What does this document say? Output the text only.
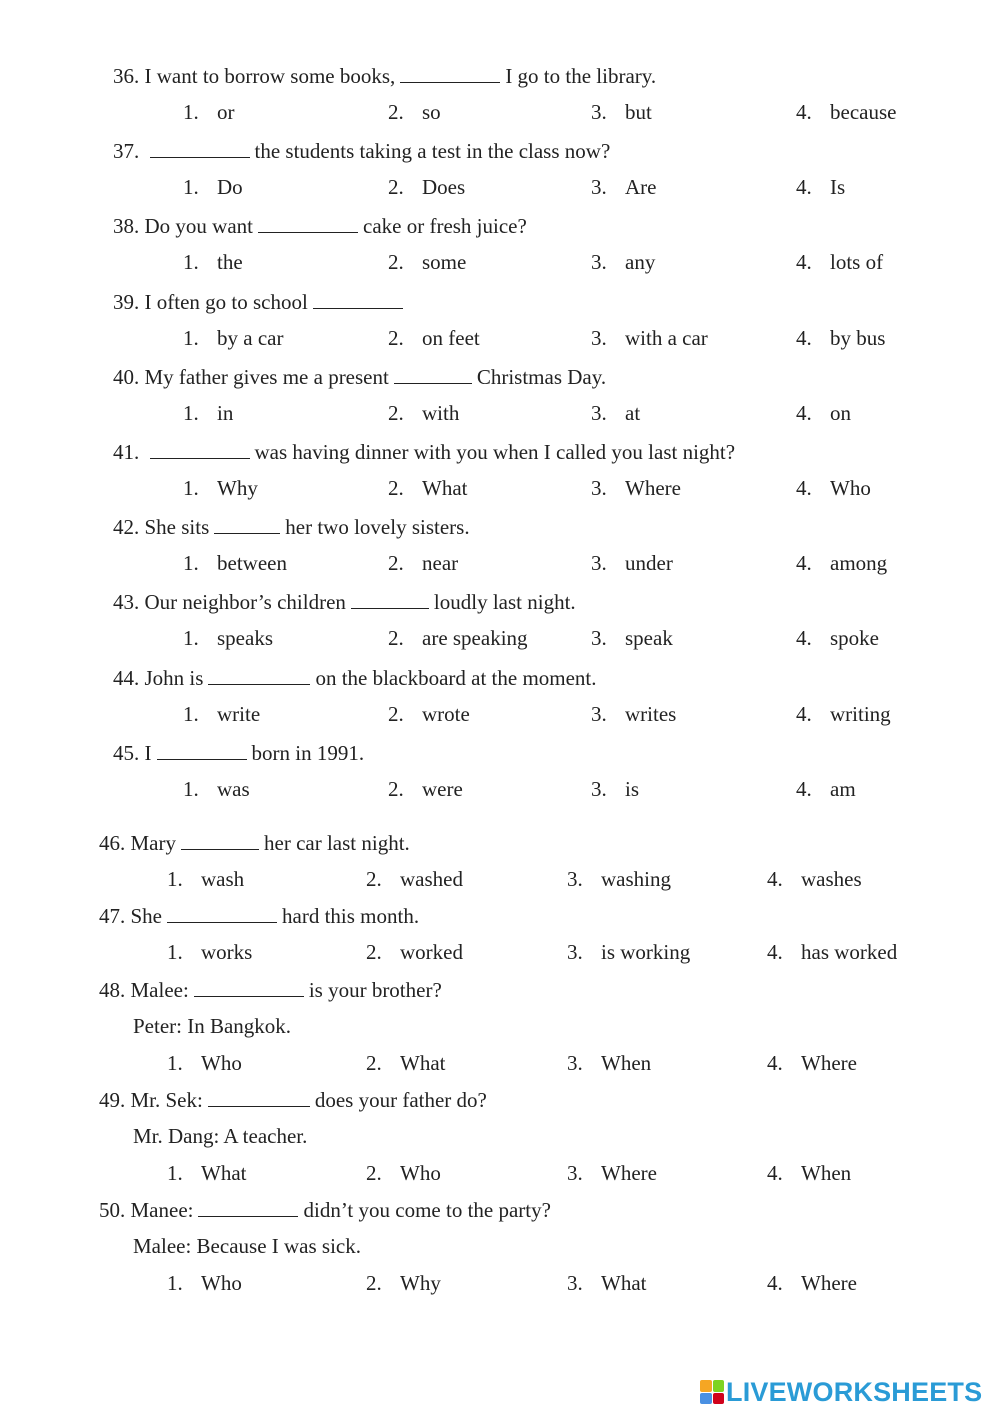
36. I want to borrow some books,	I go to the library.
1. or	2. so	3. but	4. because
37.	the students taking a test in the class now?
1. Do	2. Does	3. Are	4. Is
38. Do you want	cake or fresh juice?
1. the	2. some	3. any	4. lots of
39. I often go to school
1. by a car	2. on feet	3. with a car	4. by bus
40. My father gives me a present	Christmas Day.
1. in	2. with	3. at	4. on
41.	was having dinner with you when I called you last night?
1. Why	2. What	3. Where	4. Who
42. She sits	her two lovely sisters.
1. between	2. near	3. under	4. among
43. Our neighbor’s children	loudly last night.
1. speaks	2. are speaking	3. speak	4. spoke
44. John is	on the blackboard at the moment.
1. write	2. wrote	3. writes	4. writing
45. I	born in 1991.
1. was	2. were	3. is	4. am
46. Mary	her car last night.
1. wash	2. washed	3. washing	4. washes
47. She	hard this month.
1. works	2. worked	3. is working	4. has worked
48. Malee:	is your brother?
Peter: In Bangkok.
1. Who	2. What	3. When	4. Where
49. Mr. Sek:	does your father do?
Mr. Dang: A teacher.
1. What	2. Who	3. Where	4. When
50. Manee:	didn’t you come to the party?
Malee: Because I was sick.
1. Who	2. Why	3. What	4. Where
LIVEWORKSHEETS
